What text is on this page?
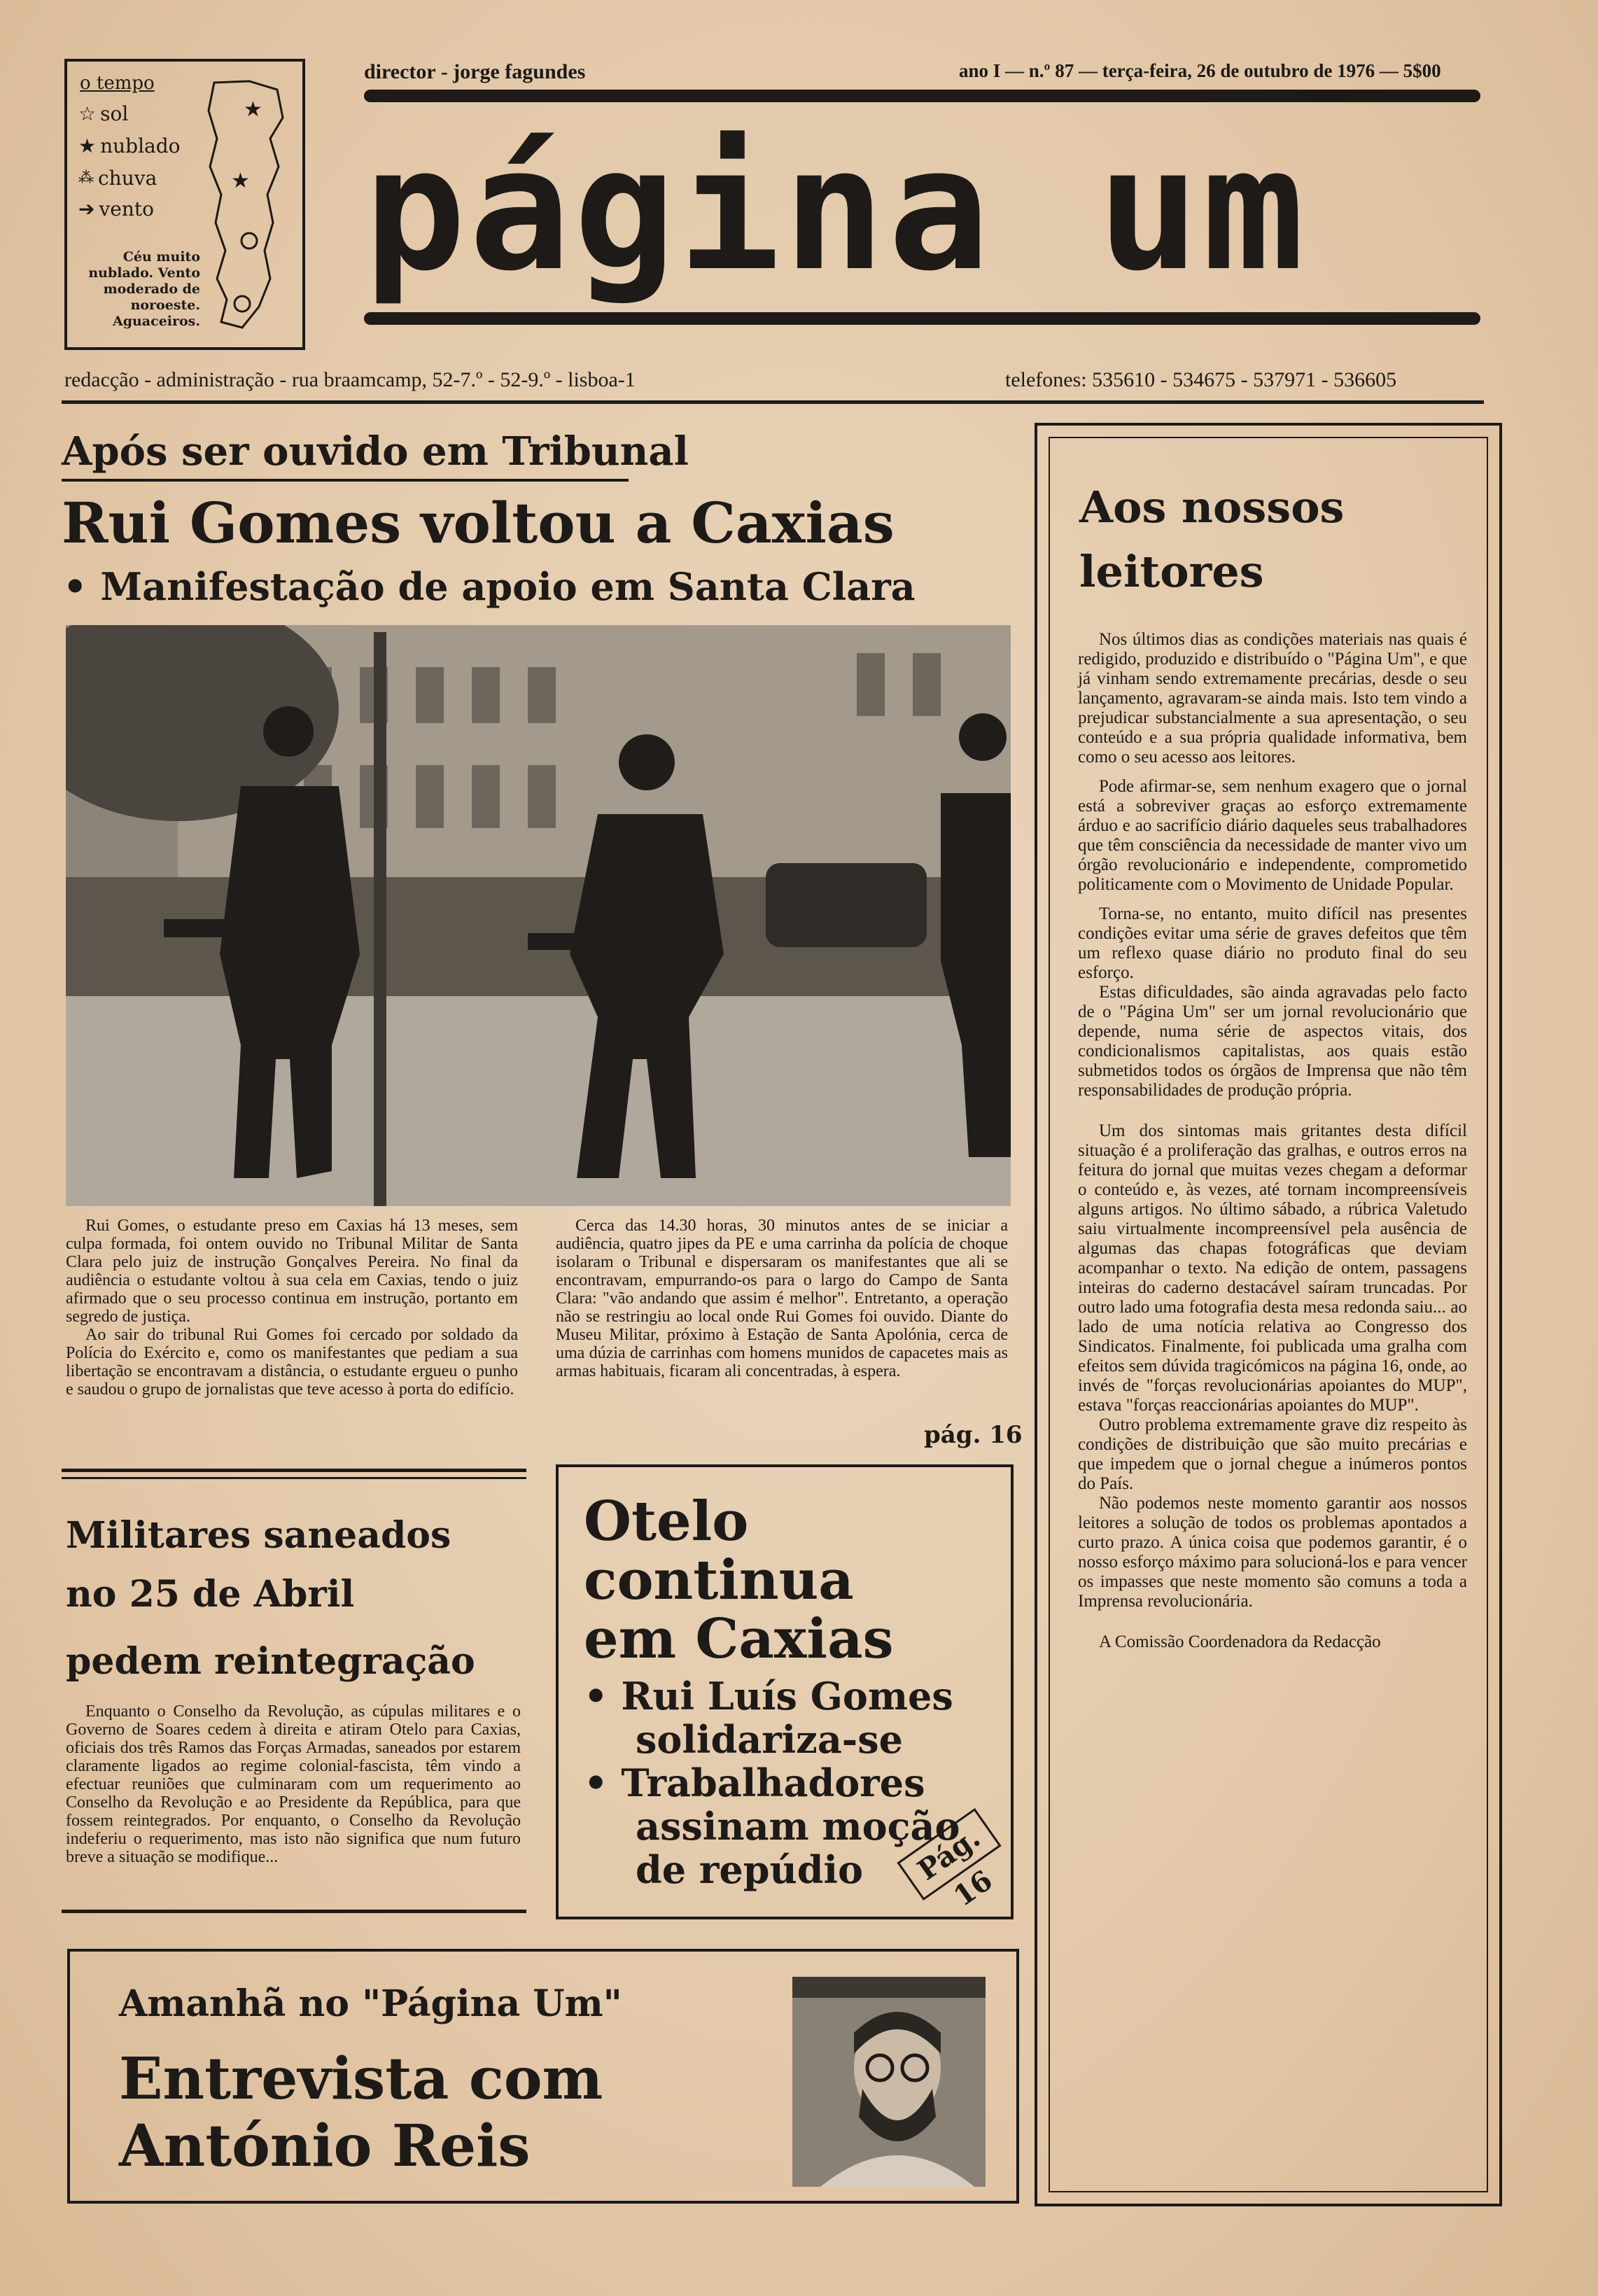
o tempo
☆ sol
★ nublado
⁂ chuva
➔ vento
Céu muito nublado. Vento moderado de noroeste. Aguaceiros.
★
★
director - jorge fagundes	ano I — n.º 87 — terça-feira, 26 de outubro de 1976 — 5$00
página um
redacção - administração - rua braamcamp, 52-7.º - 52-9.º - lisboa-1	telefones: 535610 - 534675 - 537971 - 536605
Após ser ouvido em Tribunal
Rui Gomes voltou a Caxias
• Manifestação de apoio em Santa Clara

Rui Gomes, o estudante preso em Caxias há 13 meses, sem culpa formada, foi ontem ouvido no Tribunal Militar de Santa Clara pelo juiz de instrução Gonçalves Pereira. No final da audiência o estudante voltou à sua cela em Caxias, tendo o juiz afirmado que o seu processo continua em instrução, portanto em segredo de justiça.

Ao sair do tribunal Rui Gomes foi cercado por soldado da Polícia do Exército e, como os manifestantes que pediam a sua libertação se encontravam a distância, o estudante ergueu o punho e saudou o grupo de jornalistas que teve acesso à porta do edifício.

Cerca das 14.30 horas, 30 minutos antes de se iniciar a audiência, quatro jipes da PE e uma carrinha da polícia de choque isolaram o Tribunal e dispersaram os manifestantes que ali se encontravam, empurrando-os para o largo do Campo de Santa Clara: "vão andando que assim é melhor". Entretanto, a operação não se restringiu ao local onde Rui Gomes foi ouvido. Diante do Museu Militar, próximo à Estação de Santa Apolónia, cerca de uma dúzia de carrinhas com homens munidos de capacetes mais as armas habituais, ficaram ali concentradas, à espera.

pág. 16
Militares saneados
no 25 de Abril
pedem reintegração
Enquanto o Conselho da Revolução, as cúpulas militares e o Governo de Soares cedem à direita e atiram Otelo para Caxias, oficiais dos três Ramos das Forças Armadas, saneados por estarem claramente ligados ao regime colonial-fascista, têm vindo a efectuar reuniões que culminaram com um requerimento ao Conselho da Revolução e ao Presidente da República, para que fossem reintegrados. Por enquanto, o Conselho da Revolução indeferiu o requerimento, mas isto não significa que num futuro breve a situação se modifique...
Otelo
continua
em Caxias
• Rui Luís Gomes
solidariza-se
• Trabalhadores
assinam moção
de repúdio	Pág. 16
Amanhã no "Página Um"
Entrevista com
António Reis
Aos nossos
leitores

Nos últimos dias as condições materiais nas quais é redigido, produzido e distribuído o "Página Um", e que já vinham sendo extremamente precárias, desde o seu lançamento, agravaram-se ainda mais. Isto tem vindo a prejudicar substancialmente a sua apresentação, o seu conteúdo e a sua própria qualidade informativa, bem como o seu acesso aos leitores.

Pode afirmar-se, sem nenhum exagero que o jornal está a sobreviver graças ao esforço extremamente árduo e ao sacrifício diário daqueles seus trabalhadores que têm consciência da necessidade de manter vivo um órgão revolucionário e independente, comprometido politicamente com o Movimento de Unidade Popular.

Torna-se, no entanto, muito difícil nas presentes condições evitar uma série de graves defeitos que têm um reflexo quase diário no produto final do seu esforço.

Estas dificuldades, são ainda agravadas pelo facto de o "Página Um" ser um jornal revolucionário que depende, numa série de aspectos vitais, dos condicionalismos capitalistas, aos quais estão submetidos todos os órgãos de Imprensa que não têm responsabilidades de produção própria.

Um dos sintomas mais gritantes desta difícil situação é a proliferação das gralhas, e outros erros na feitura do jornal que muitas vezes chegam a deformar o conteúdo e, às vezes, até tornam incompreensíveis alguns artigos. No último sábado, a rúbrica Valetudo saiu virtualmente incompreensível pela ausência de algumas das chapas fotográficas que deviam acompanhar o texto. Na edição de ontem, passagens inteiras do caderno destacável saíram truncadas. Por outro lado uma fotografia desta mesa redonda saiu... ao lado de uma notícia relativa ao Congresso dos Sindicatos. Finalmente, foi publicada uma gralha com efeitos sem dúvida tragicómicos na página 16, onde, ao invés de "forças revolucionárias apoiantes do MUP", estava "forças reaccionárias apoiantes do MUP".

Outro problema extremamente grave diz respeito às condições de distribuição que são muito precárias e que impedem que o jornal chegue a inúmeros pontos do País.

Não podemos neste momento garantir aos nossos leitores a solução de todos os problemas apontados a curto prazo. A única coisa que podemos garantir, é o nosso esforço máximo para solucioná-los e para vencer os impasses que neste momento são comuns a toda a Imprensa revolucionária.

A Comissão Coordenadora da Redacção
